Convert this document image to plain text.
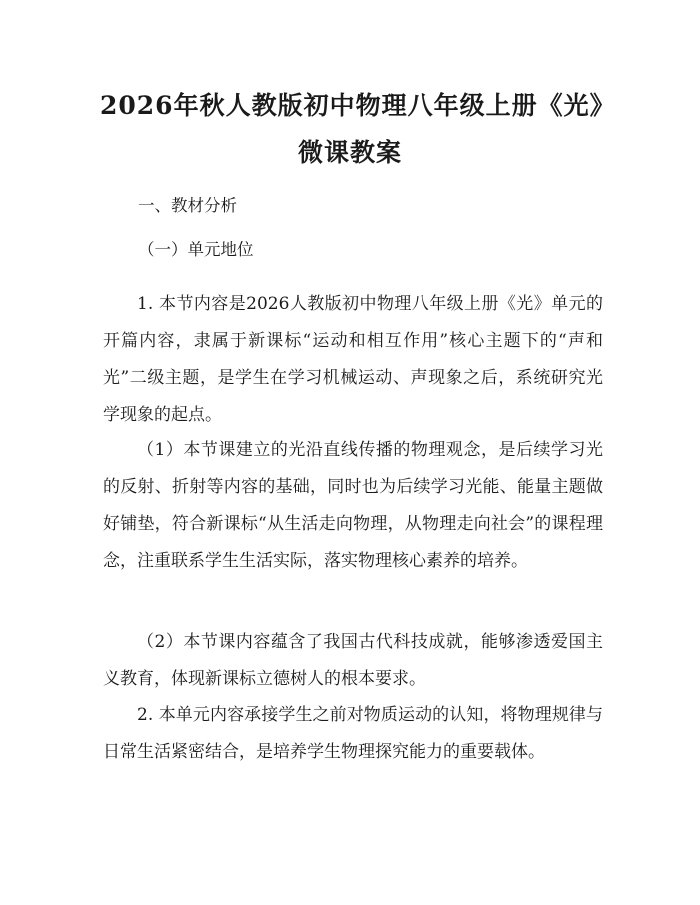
2026年秋人教版初中物理八年级上册《光》
微课教案
一、教材分析
（一）单元地位

1. 本节内容是2026人教版初中物理八年级上册《光》单元的开篇内容，隶属于新课标“运动和相互作用”核心主题下的“声和光”二级主题，是学生在学习机械运动、声现象之后，系统研究光学现象的起点。

（1）本节课建立的光沿直线传播的物理观念，是后续学习光的反射、折射等内容的基础，同时也为后续学习光能、能量主题做好铺垫，符合新课标“从生活走向物理，从物理走向社会”的课程理念，注重联系学生生活实际，落实物理核心素养的培养。

（2）本节课内容蕴含了我国古代科技成就，能够渗透爱国主义教育，体现新课标立德树人的根本要求。

2. 本单元内容承接学生之前对物质运动的认知，将物理规律与日常生活紧密结合，是培养学生物理探究能力的重要载体。
